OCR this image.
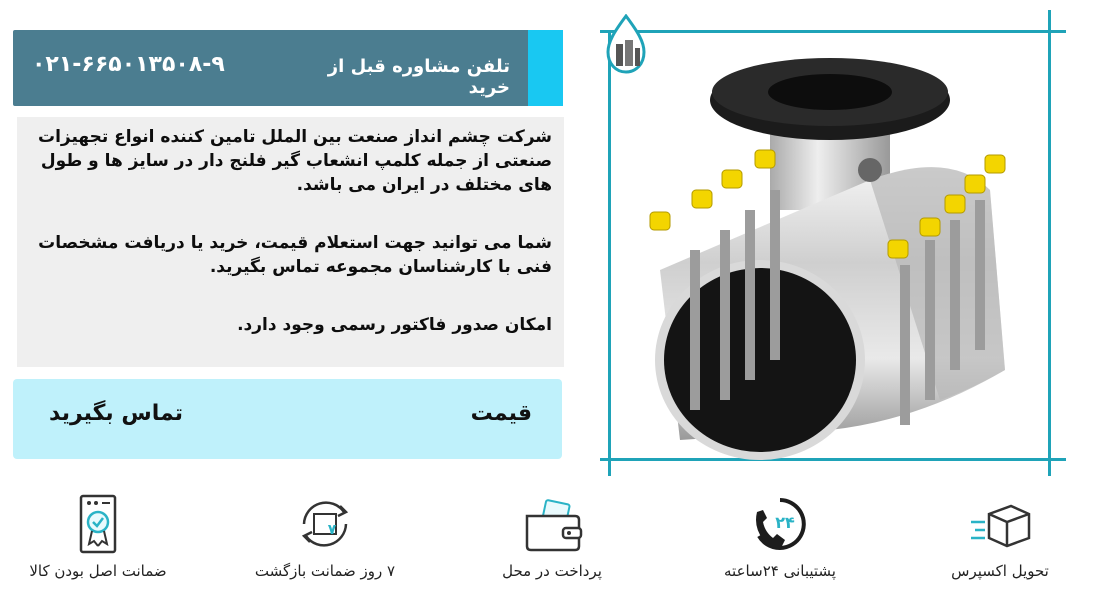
تلفن مشاوره قبل از خرید
۰۲۱-۶۶۵۰۱۳۵۰۸-۹

شرکت چشم انداز صنعت بین الملل تامین کننده انواع تجهیزات صنعتی از جمله کلمپ انشعاب گیر فلنج دار در سایز ها و طول های مختلف در ایران می باشد.

شما می توانید جهت استعلام قیمت، خرید یا دریافت مشخصات فنی با کارشناسان مجموعه تماس بگیرید.

امکان صدور فاکتور رسمی وجود دارد.

قیمت
تماس بگیرید
تحویل اکسپرس
۲۴
پشتیبانی ۲۴ساعته
پرداخت در محل
۷
۷ روز ضمانت بازگشت
ضمانت اصل بودن کالا
